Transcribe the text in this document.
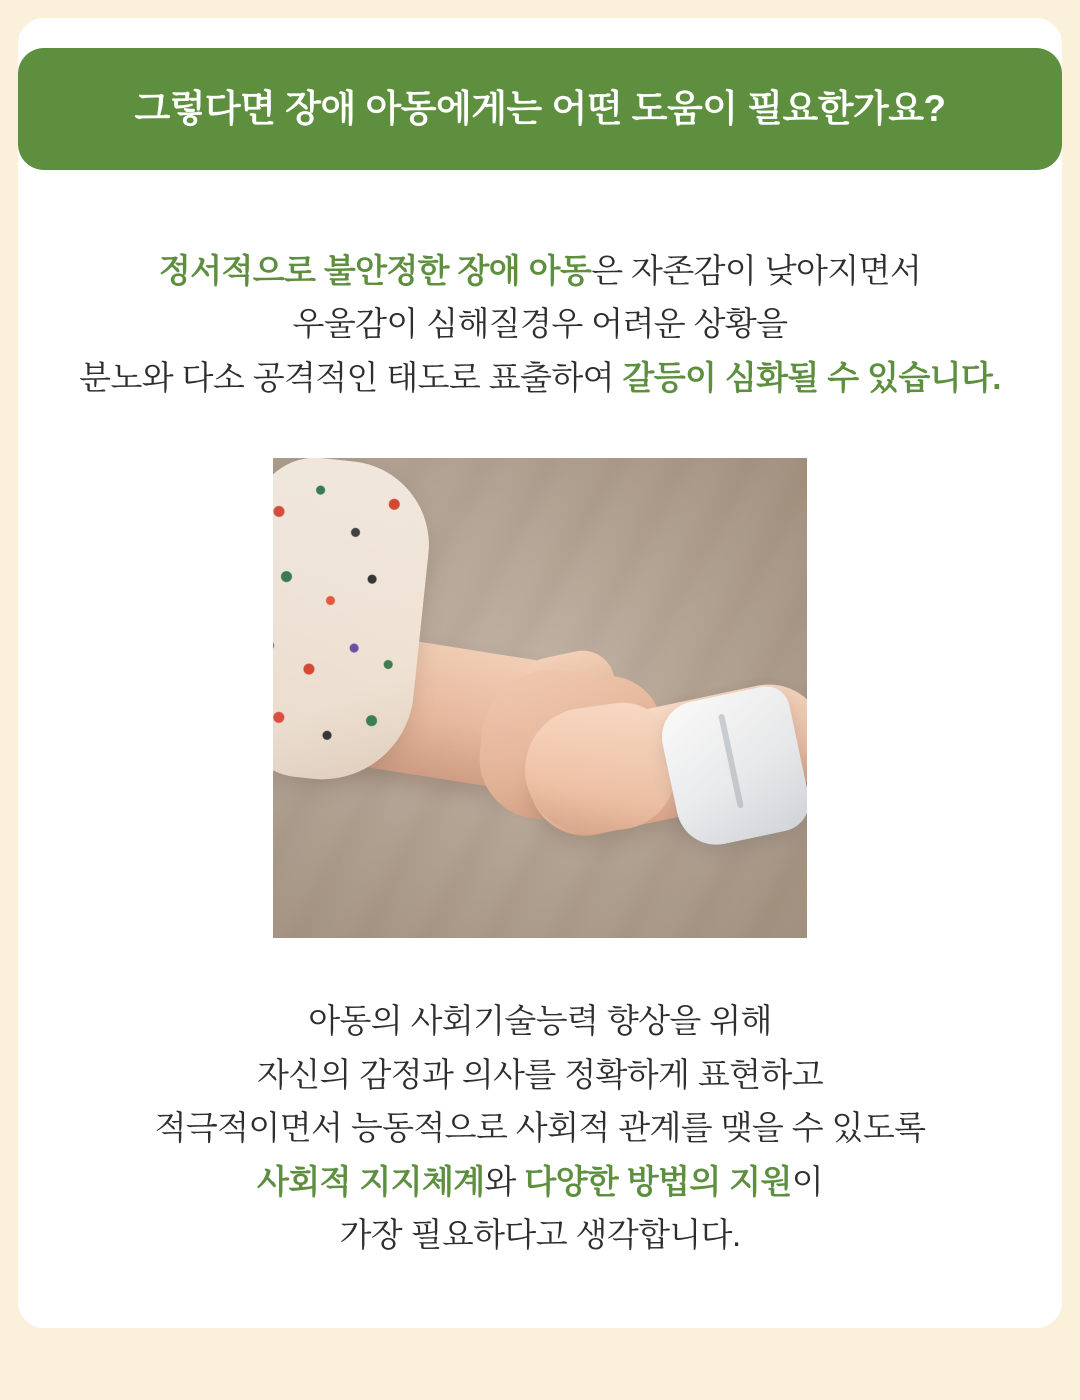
그렇다면 장애 아동에게는 어떤 도움이 필요한가요?
정서적으로 불안정한 장애 아동은 자존감이 낮아지면서
우울감이 심해질경우 어려운 상황을
분노와 다소 공격적인 태도로 표출하여 갈등이 심화될 수 있습니다.
아동의 사회기술능력 향상을 위해
자신의 감정과 의사를 정확하게 표현하고
적극적이면서 능동적으로 사회적 관계를 맺을 수 있도록
사회적 지지체계와 다양한 방법의 지원이
가장 필요하다고 생각합니다.
